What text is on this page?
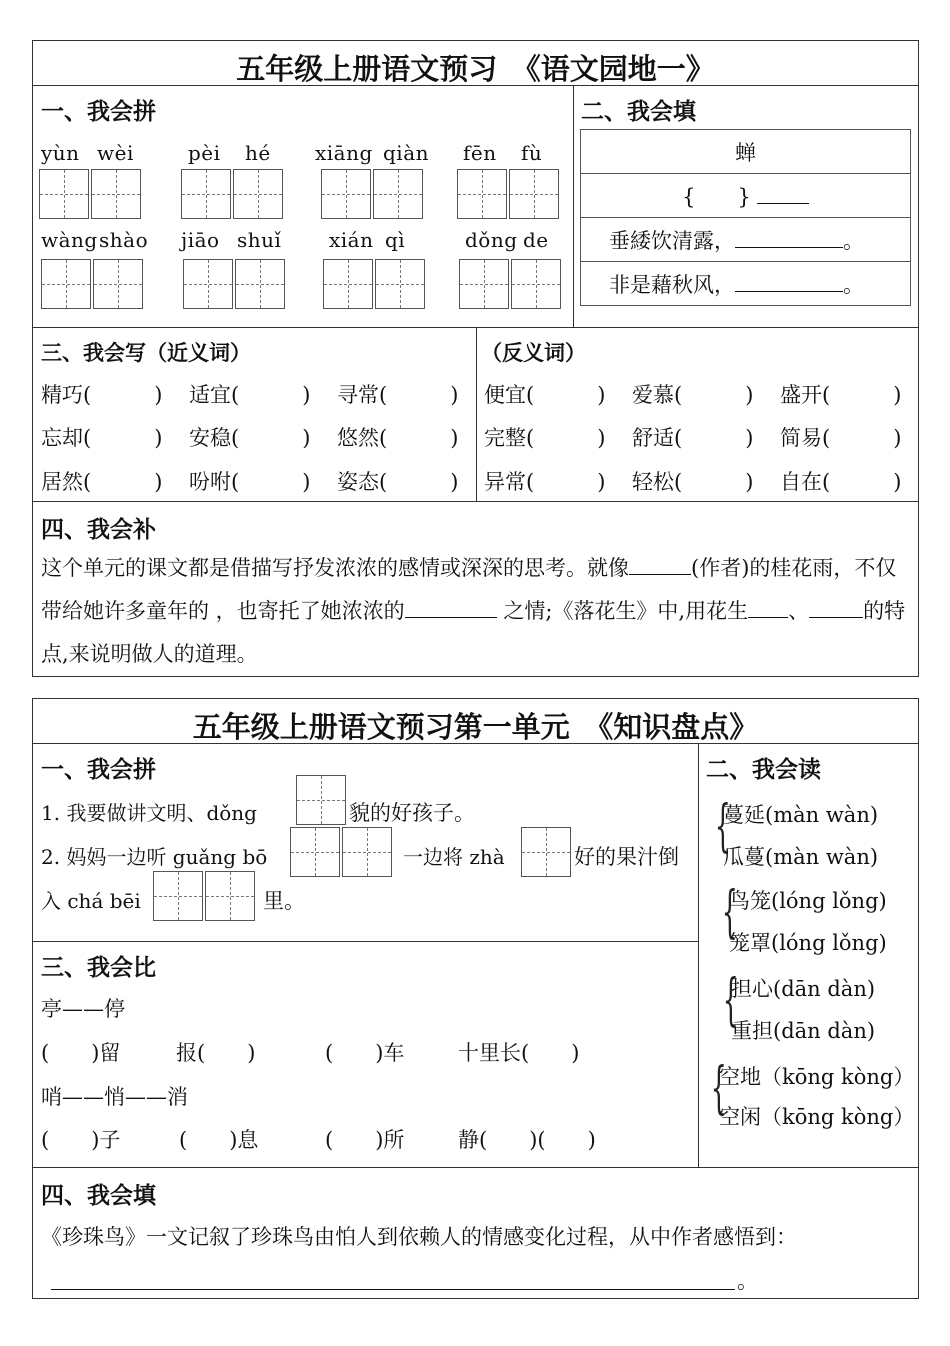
五年级上册语文预习　《语文园地一》
一、我会拼
yùn wèi	pèi hé xiāng qiàn fēn fù
wàng shào jiāo shuǐ xián qì	dǒng de
二、我会填
蝉
{　　}
垂緌饮清露，	。
非是藉秋风，	。
三、我会写（近义词）	（反义词）
精巧(　　　) 适宜(　　　) 寻常(　　　)
忘却(　　　) 安稳(　　　) 悠然(　　　)
居然(　　　) 吩咐(　　　) 姿态(　　　)
便宜(　　　) 爱慕(　　　) 盛开(　　　)
完整(　　　) 舒适(　　　) 简易(　　　)
异常(　　　) 轻松(　　　) 自在(　　　)
四、我会补
这个单元的课文都是借描写抒发浓浓的感情或深深的思考。就像	(作者)的桂花雨，不仅带给她许多童年的 ，也寄托了她浓浓的	之情;《落花生》中,用花生 、	的特点,来说明做人的道理。
五年级上册语文预习第一单元　《知识盘点》
一、我会拼
1. 我要做讲文明、dǒng	貌的好孩子。
2. 妈妈一边听 guǎng bō	一边将 zhà	好的果汁倒
入 chá bēi	里。
二、我会读
{
蔓延(màn wàn)
瓜蔓(màn wàn)
{
鸟笼(lóng lǒng)
笼罩(lóng lǒng)
{
担心(dān dàn)
重担(dān dàn)
{
空地（kōng kòng）
空闲（kōng kòng）
三、我会比
亭——停
(　　)留	报(　　)	(　　)车	十里长(　　)
哨——悄——消
(　　)子	(　　)息	(　　)所	静(　　)(　　)
四、我会填
《珍珠鸟》一文记叙了珍珠鸟由怕人到依赖人的情感变化过程，从中作者感悟到：
。
